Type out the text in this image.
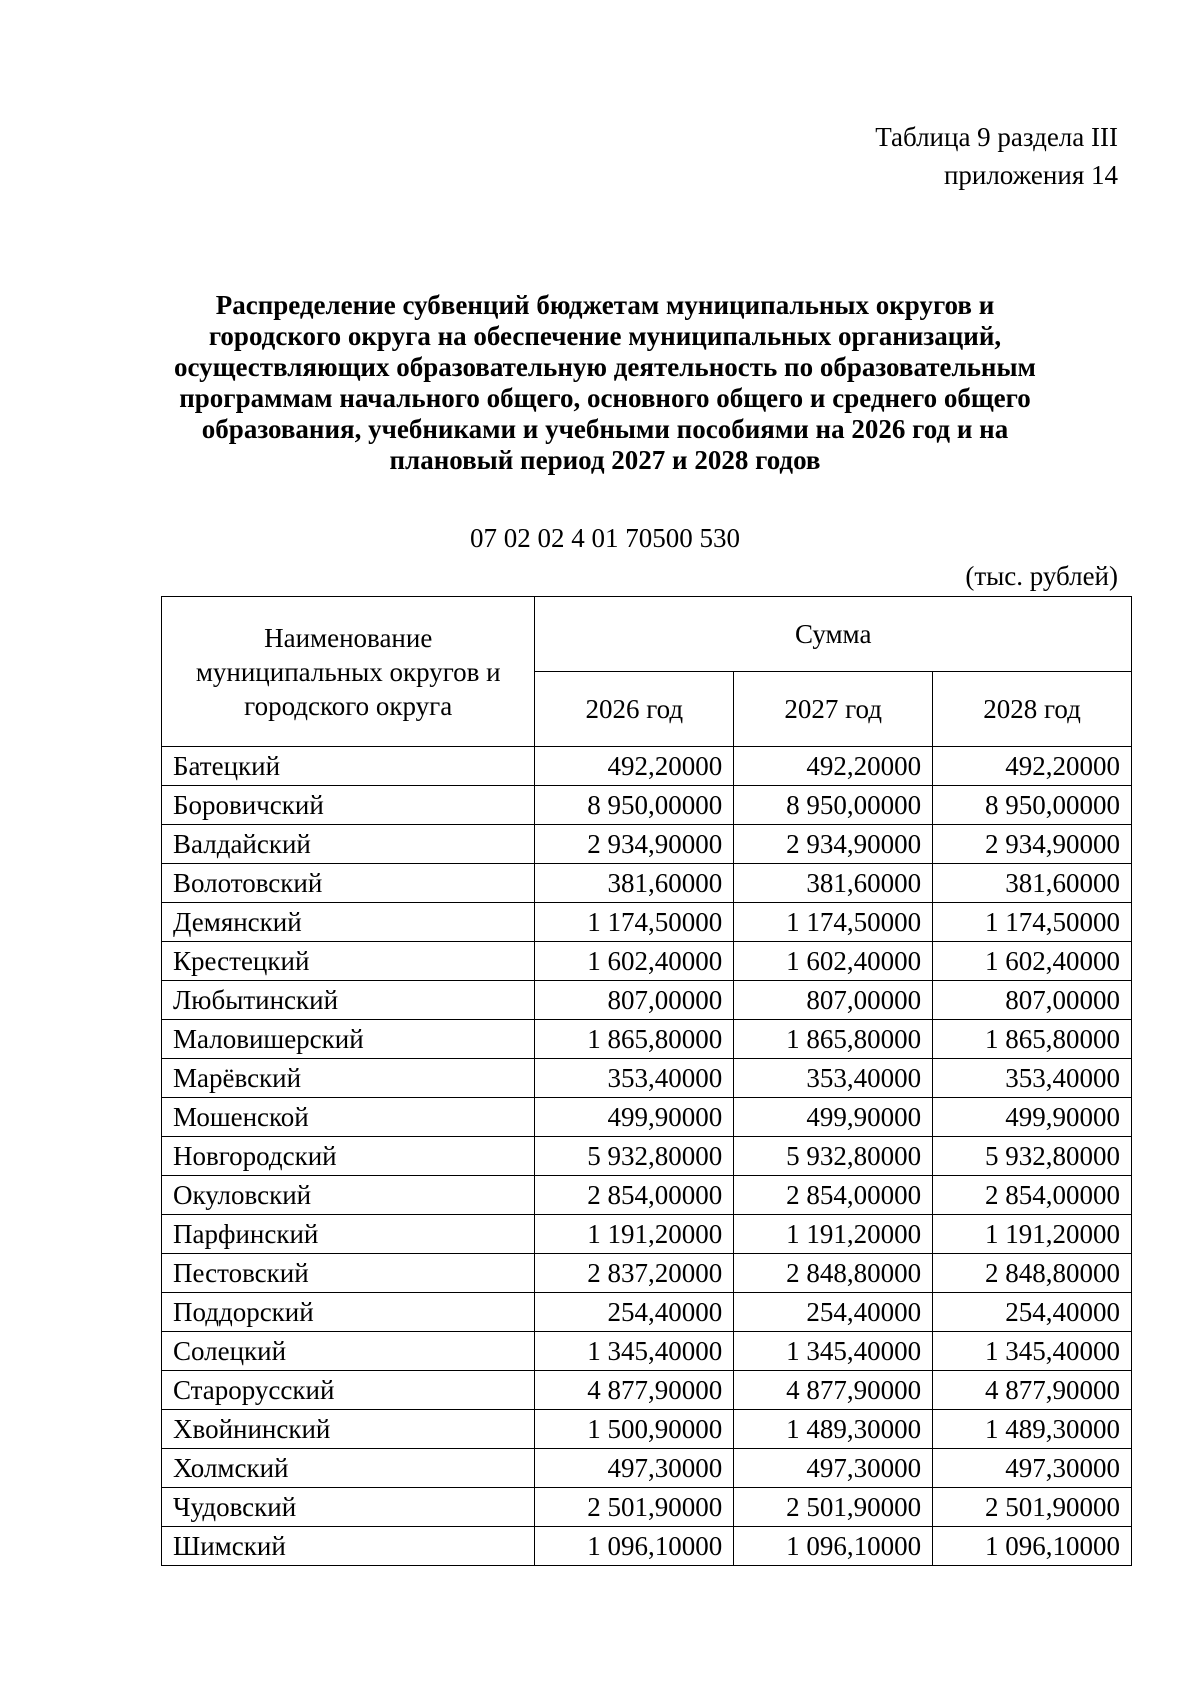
Таблица 9 раздела III
приложения 14
Распределение субвенций бюджетам муниципальных округов и
городского округа на обеспечение муниципальных организаций,
осуществляющих образовательную деятельность по образовательным
программам начального общего, основного общего и среднего общего
образования, учебниками и учебными пособиями на 2026 год и на
плановый период 2027 и 2028 годов
07 02 02 4 01 70500 530
(тыс. рублей)
Наименование муниципальных округов и городского округа	Сумма		
	2026 год	2027 год	2028 год
Батецкий	492,20000	492,20000	492,20000
Боровичский	8 950,00000	8 950,00000	8 950,00000
Валдайский	2 934,90000	2 934,90000	2 934,90000
Волотовский	381,60000	381,60000	381,60000
Демянский	1 174,50000	1 174,50000	1 174,50000
Крестецкий	1 602,40000	1 602,40000	1 602,40000
Любытинский	807,00000	807,00000	807,00000
Маловишерский	1 865,80000	1 865,80000	1 865,80000
Марёвский	353,40000	353,40000	353,40000
Мошенской	499,90000	499,90000	499,90000
Новгородский	5 932,80000	5 932,80000	5 932,80000
Окуловский	2 854,00000	2 854,00000	2 854,00000
Парфинский	1 191,20000	1 191,20000	1 191,20000
Пестовский	2 837,20000	2 848,80000	2 848,80000
Поддорский	254,40000	254,40000	254,40000
Солецкий	1 345,40000	1 345,40000	1 345,40000
Старорусский	4 877,90000	4 877,90000	4 877,90000
Хвойнинский	1 500,90000	1 489,30000	1 489,30000
Холмский	497,30000	497,30000	497,30000
Чудовский	2 501,90000	2 501,90000	2 501,90000
Шимский	1 096,10000	1 096,10000	1 096,10000
